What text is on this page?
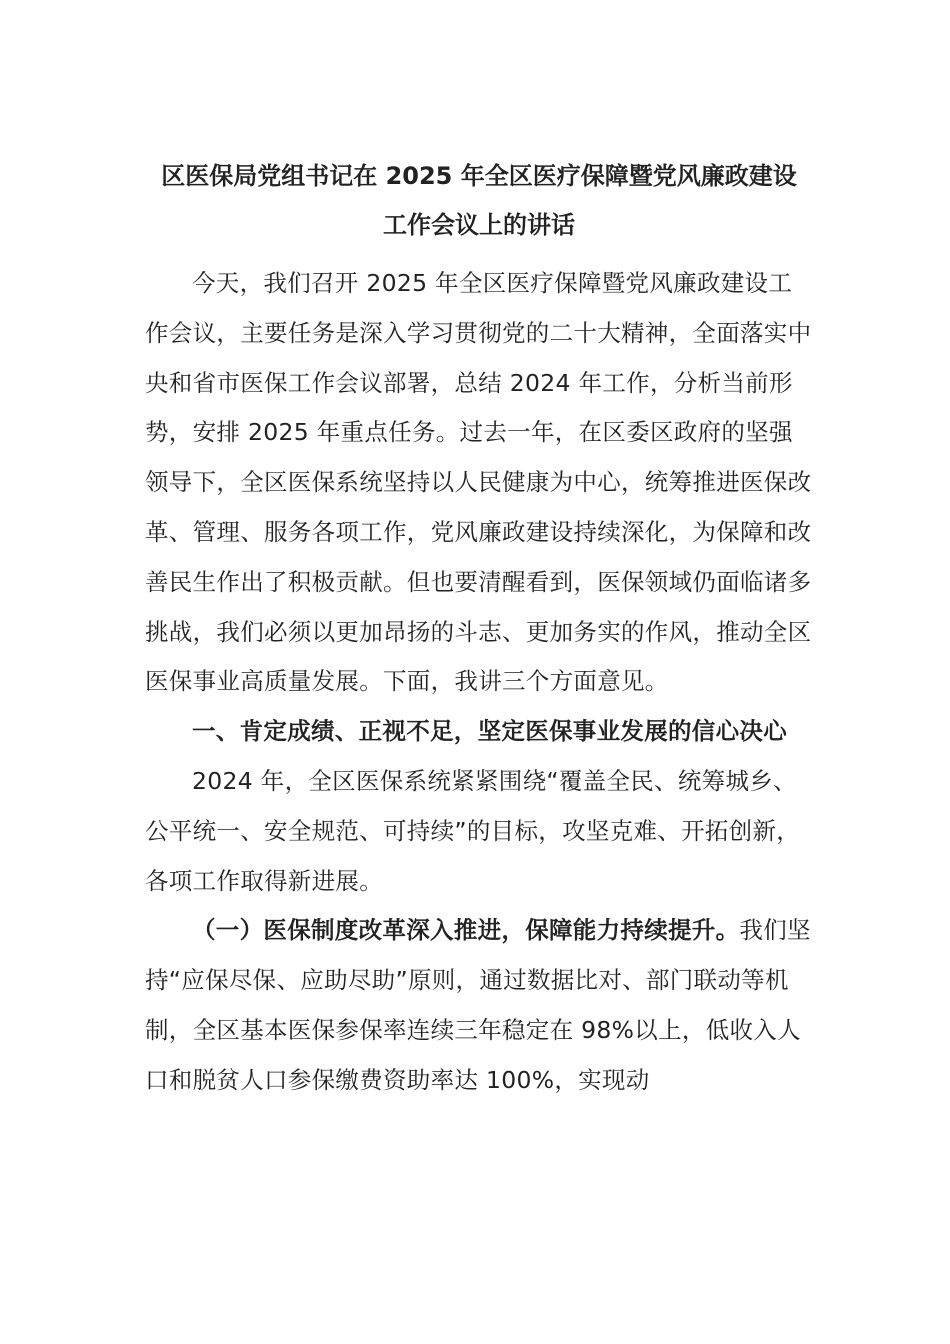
区医保局党组书记在 2025 年全区医疗保障暨党风廉政建设工作会议上的讲话

今天，我们召开 2025 年全区医疗保障暨党风廉政建设工作会议，主要任务是深入学习贯彻党的二十大精神，全面落实中央和省市医保工作会议部署，总结 2024 年工作，分析当前形势，安排 2025 年重点任务。过去一年，在区委区政府的坚强领导下，全区医保系统坚持以人民健康为中心，统筹推进医保改革、管理、服务各项工作，党风廉政建设持续深化，为保障和改善民生作出了积极贡献。但也要清醒看到，医保领域仍面临诸多挑战，我们必须以更加昂扬的斗志、更加务实的作风，推动全区医保事业高质量发展。下面，我讲三个方面意见。

一、肯定成绩、正视不足，坚定医保事业发展的信心决心

2024 年，全区医保系统紧紧围绕“覆盖全民、统筹城乡、公平统一、安全规范、可持续”的目标，攻坚克难、开拓创新，各项工作取得新进展。

（一）医保制度改革深入推进，保障能力持续提升。我们坚持“应保尽保、应助尽助”原则，通过数据比对、部门联动等机制，全区基本医保参保率连续三年稳定在 98%以上，低收入人口和脱贫人口参保缴费资助率达 100%，实现动
